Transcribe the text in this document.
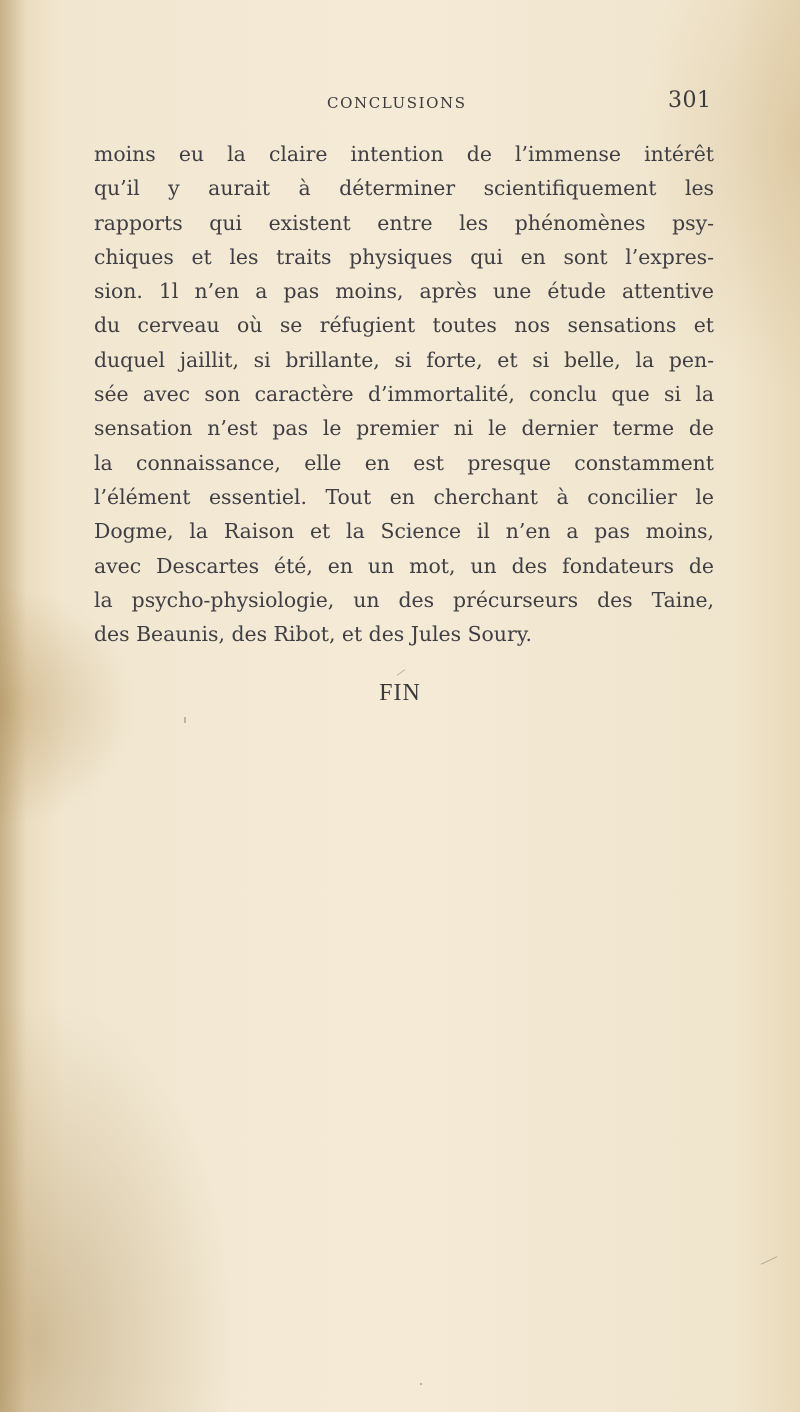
CONCLUSIONS	301
moins eu la claire intention de l’immense intérêt
qu’il y aurait à déterminer scientifiquement les
rapports qui existent entre les phénomènes psy-
chiques et les traits physiques qui en sont l’expres-
sion. 1l n’en a pas moins, après une étude attentive
du cerveau où se réfugient toutes nos sensations et
duquel jaillit, si brillante, si forte, et si belle, la pen-
sée avec son caractère d’immortalité, conclu que si la
sensation n’est pas le premier ni le dernier terme de
la connaissance, elle en est presque constamment
l’élément essentiel. Tout en cherchant à concilier le
Dogme, la Raison et la Science il n’en a pas moins,
avec Descartes été, en un mot, un des fondateurs de
la psycho-physiologie, un des précurseurs des Taine,
des Beaunis, des Ribot, et des Jules Soury.
FIN
